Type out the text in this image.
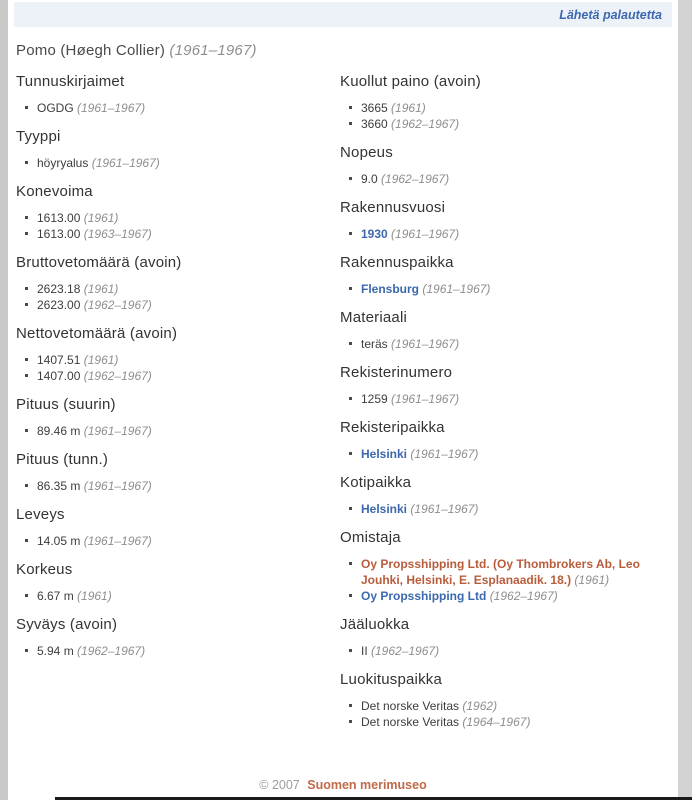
Lähetä palautetta
Pomo (Høegh Collier) (1961–1967)
Tunnuskirjaimet
OGDG (1961–1967)
Tyyppi
höyryalus (1961–1967)
Konevoima
1613.00 (1961)
1613.00 (1963–1967)
Bruttovetomäärä (avoin)
2623.18 (1961)
2623.00 (1962–1967)
Nettovetomäärä (avoin)
1407.51 (1961)
1407.00 (1962–1967)
Pituus (suurin)
89.46 m (1961–1967)
Pituus (tunn.)
86.35 m (1961–1967)
Leveys
14.05 m (1961–1967)
Korkeus
6.67 m (1961)
Syväys (avoin)
5.94 m (1962–1967)
Kuollut paino (avoin)
3665 (1961)
3660 (1962–1967)
Nopeus
9.0 (1962–1967)
Rakennusvuosi
1930 (1961–1967)
Rakennuspaikka
Flensburg (1961–1967)
Materiaali
teräs (1961–1967)
Rekisterinumero
1259 (1961–1967)
Rekisteripaikka
Helsinki (1961–1967)
Kotipaikka
Helsinki (1961–1967)
Omistaja
Oy Propsshipping Ltd. (Oy Thombrokers Ab, Leo Jouhki, Helsinki, E. Esplanaadik. 18.) (1961)
Oy Propsshipping Ltd (1962–1967)
Jääluokka
II (1962–1967)
Luokituspaikka
Det norske Veritas (1962)
Det norske Veritas (1964–1967)
© 2007 Suomen merimuseo
